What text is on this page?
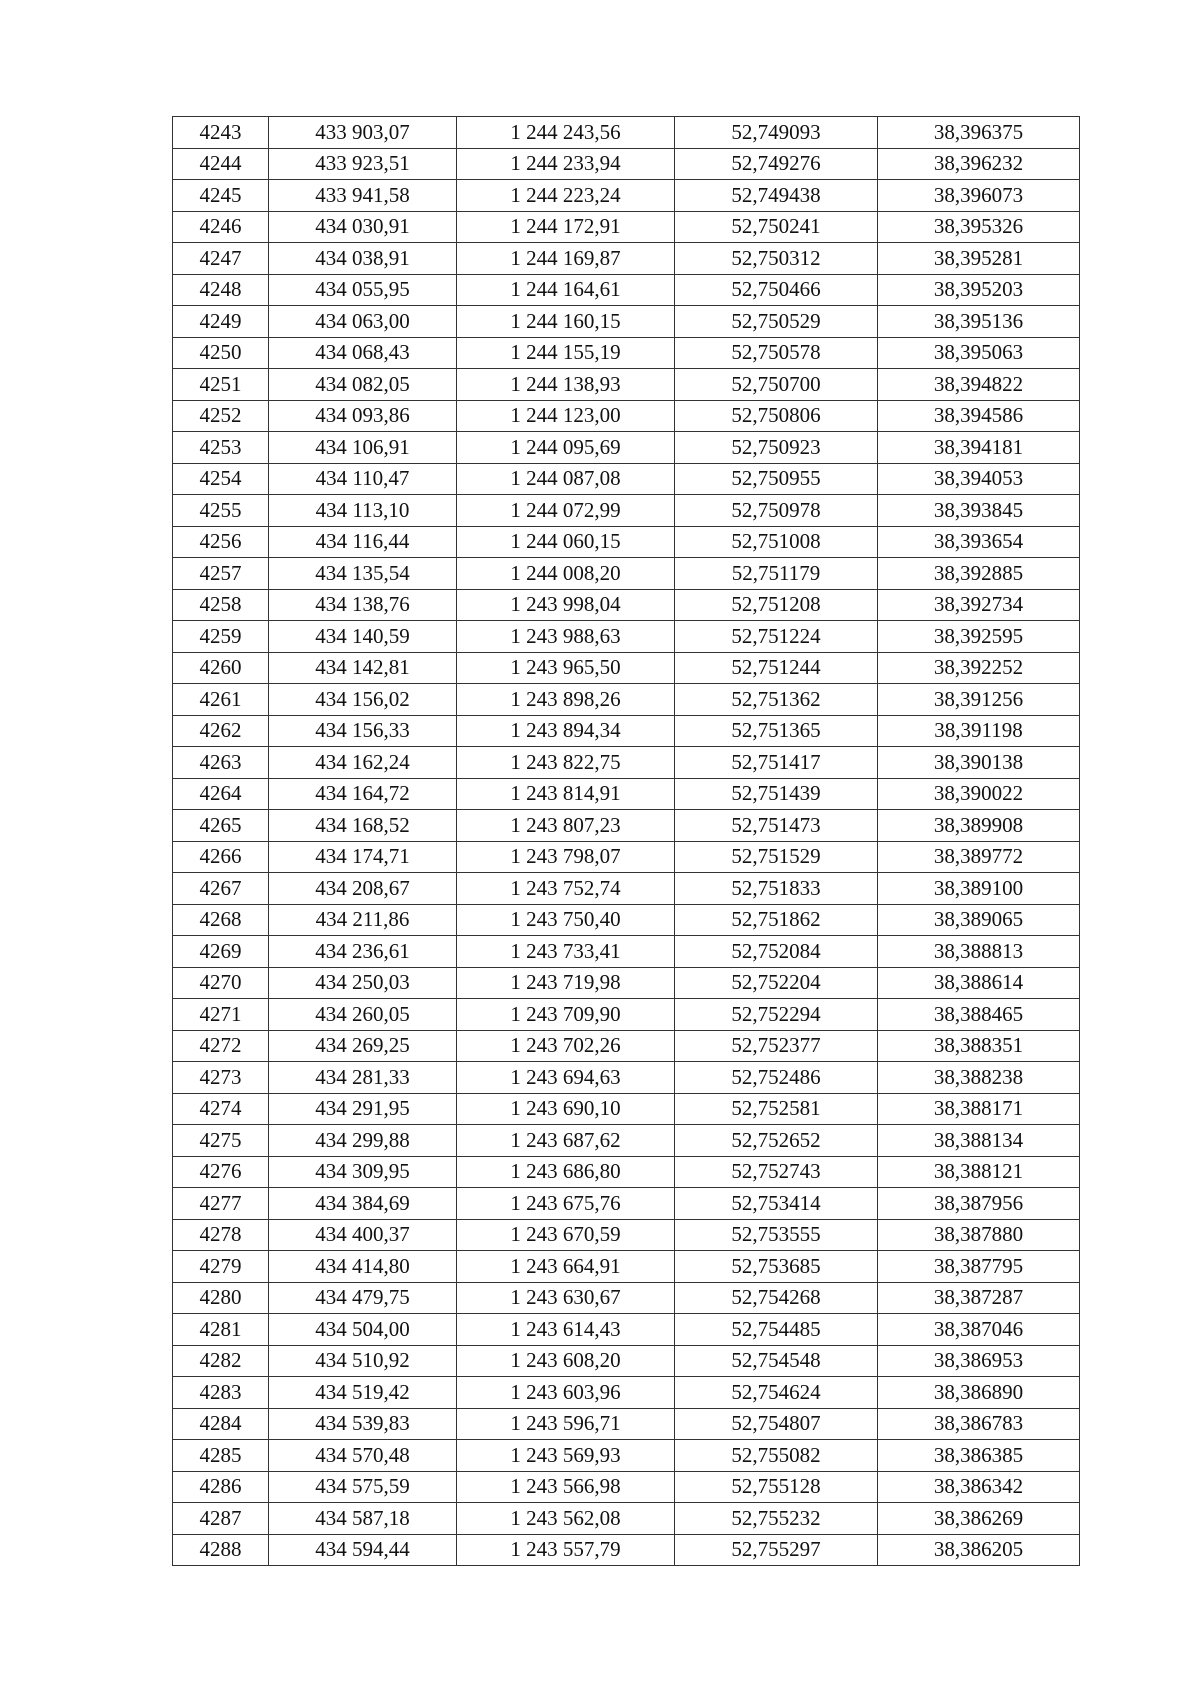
4243	433 903,07	1 244 243,56	52,749093	38,396375
4244	433 923,51	1 244 233,94	52,749276	38,396232
4245	433 941,58	1 244 223,24	52,749438	38,396073
4246	434 030,91	1 244 172,91	52,750241	38,395326
4247	434 038,91	1 244 169,87	52,750312	38,395281
4248	434 055,95	1 244 164,61	52,750466	38,395203
4249	434 063,00	1 244 160,15	52,750529	38,395136
4250	434 068,43	1 244 155,19	52,750578	38,395063
4251	434 082,05	1 244 138,93	52,750700	38,394822
4252	434 093,86	1 244 123,00	52,750806	38,394586
4253	434 106,91	1 244 095,69	52,750923	38,394181
4254	434 110,47	1 244 087,08	52,750955	38,394053
4255	434 113,10	1 244 072,99	52,750978	38,393845
4256	434 116,44	1 244 060,15	52,751008	38,393654
4257	434 135,54	1 244 008,20	52,751179	38,392885
4258	434 138,76	1 243 998,04	52,751208	38,392734
4259	434 140,59	1 243 988,63	52,751224	38,392595
4260	434 142,81	1 243 965,50	52,751244	38,392252
4261	434 156,02	1 243 898,26	52,751362	38,391256
4262	434 156,33	1 243 894,34	52,751365	38,391198
4263	434 162,24	1 243 822,75	52,751417	38,390138
4264	434 164,72	1 243 814,91	52,751439	38,390022
4265	434 168,52	1 243 807,23	52,751473	38,389908
4266	434 174,71	1 243 798,07	52,751529	38,389772
4267	434 208,67	1 243 752,74	52,751833	38,389100
4268	434 211,86	1 243 750,40	52,751862	38,389065
4269	434 236,61	1 243 733,41	52,752084	38,388813
4270	434 250,03	1 243 719,98	52,752204	38,388614
4271	434 260,05	1 243 709,90	52,752294	38,388465
4272	434 269,25	1 243 702,26	52,752377	38,388351
4273	434 281,33	1 243 694,63	52,752486	38,388238
4274	434 291,95	1 243 690,10	52,752581	38,388171
4275	434 299,88	1 243 687,62	52,752652	38,388134
4276	434 309,95	1 243 686,80	52,752743	38,388121
4277	434 384,69	1 243 675,76	52,753414	38,387956
4278	434 400,37	1 243 670,59	52,753555	38,387880
4279	434 414,80	1 243 664,91	52,753685	38,387795
4280	434 479,75	1 243 630,67	52,754268	38,387287
4281	434 504,00	1 243 614,43	52,754485	38,387046
4282	434 510,92	1 243 608,20	52,754548	38,386953
4283	434 519,42	1 243 603,96	52,754624	38,386890
4284	434 539,83	1 243 596,71	52,754807	38,386783
4285	434 570,48	1 243 569,93	52,755082	38,386385
4286	434 575,59	1 243 566,98	52,755128	38,386342
4287	434 587,18	1 243 562,08	52,755232	38,386269
4288	434 594,44	1 243 557,79	52,755297	38,386205
